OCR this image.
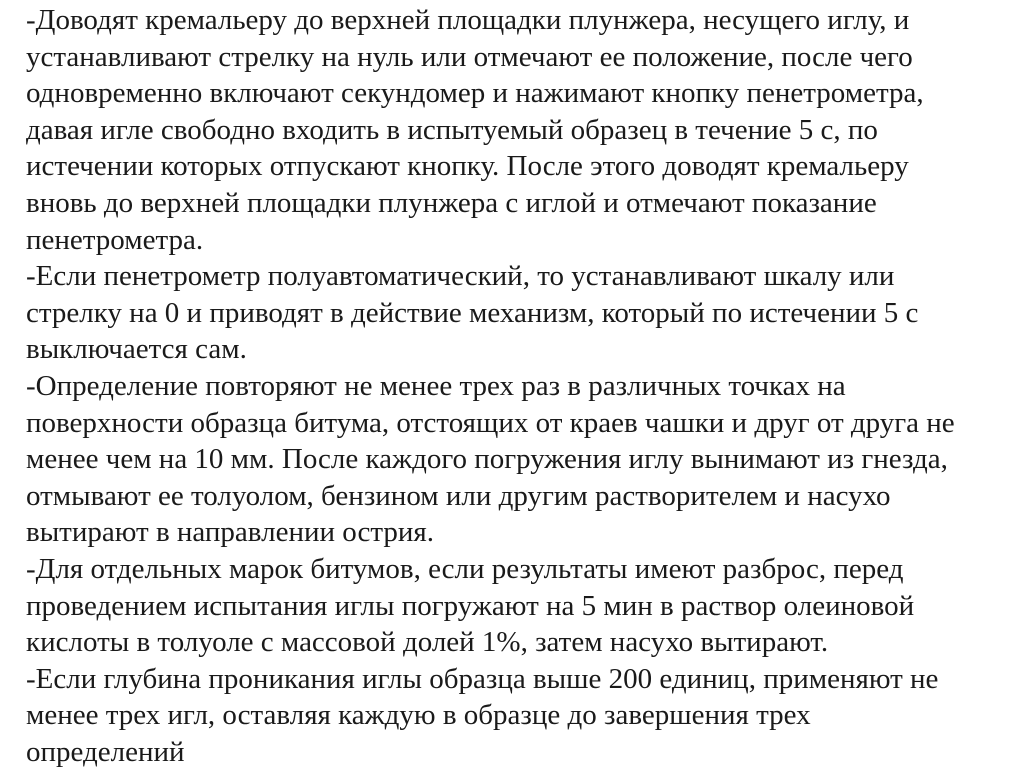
-Доводят кремальеру до верхней площадки плунжера, несущего иглу, и
устанавливают стрелку на нуль или отмечают ее положение, после чего
одновременно включают секундомер и нажимают кнопку пенетрометра,
давая игле свободно входить в испытуемый образец в течение 5 с, по
истечении которых отпускают кнопку. После этого доводят кремальеру
вновь до верхней площадки плунжера с иглой и отмечают показание
пенетрометра.
-Если пенетрометр полуавтоматический, то устанавливают шкалу или
стрелку на 0 и приводят в действие механизм, который по истечении 5 с
выключается сам.
-Определение повторяют не менее трех раз в различных точках на
поверхности образца битума, отстоящих от краев чашки и друг от друга не
менее чем на 10 мм. После каждого погружения иглу вынимают из гнезда,
отмывают ее толуолом, бензином или другим растворителем и насухо
вытирают в направлении острия.
-Для отдельных марок битумов, если результаты имеют разброс, перед
проведением испытания иглы погружают на 5 мин в раствор олеиновой
кислоты в толуоле с массовой долей 1%, затем насухо вытирают.
-Если глубина проникания иглы образца выше 200 единиц, применяют не
менее трех игл, оставляя каждую в образце до завершения трех
определений
